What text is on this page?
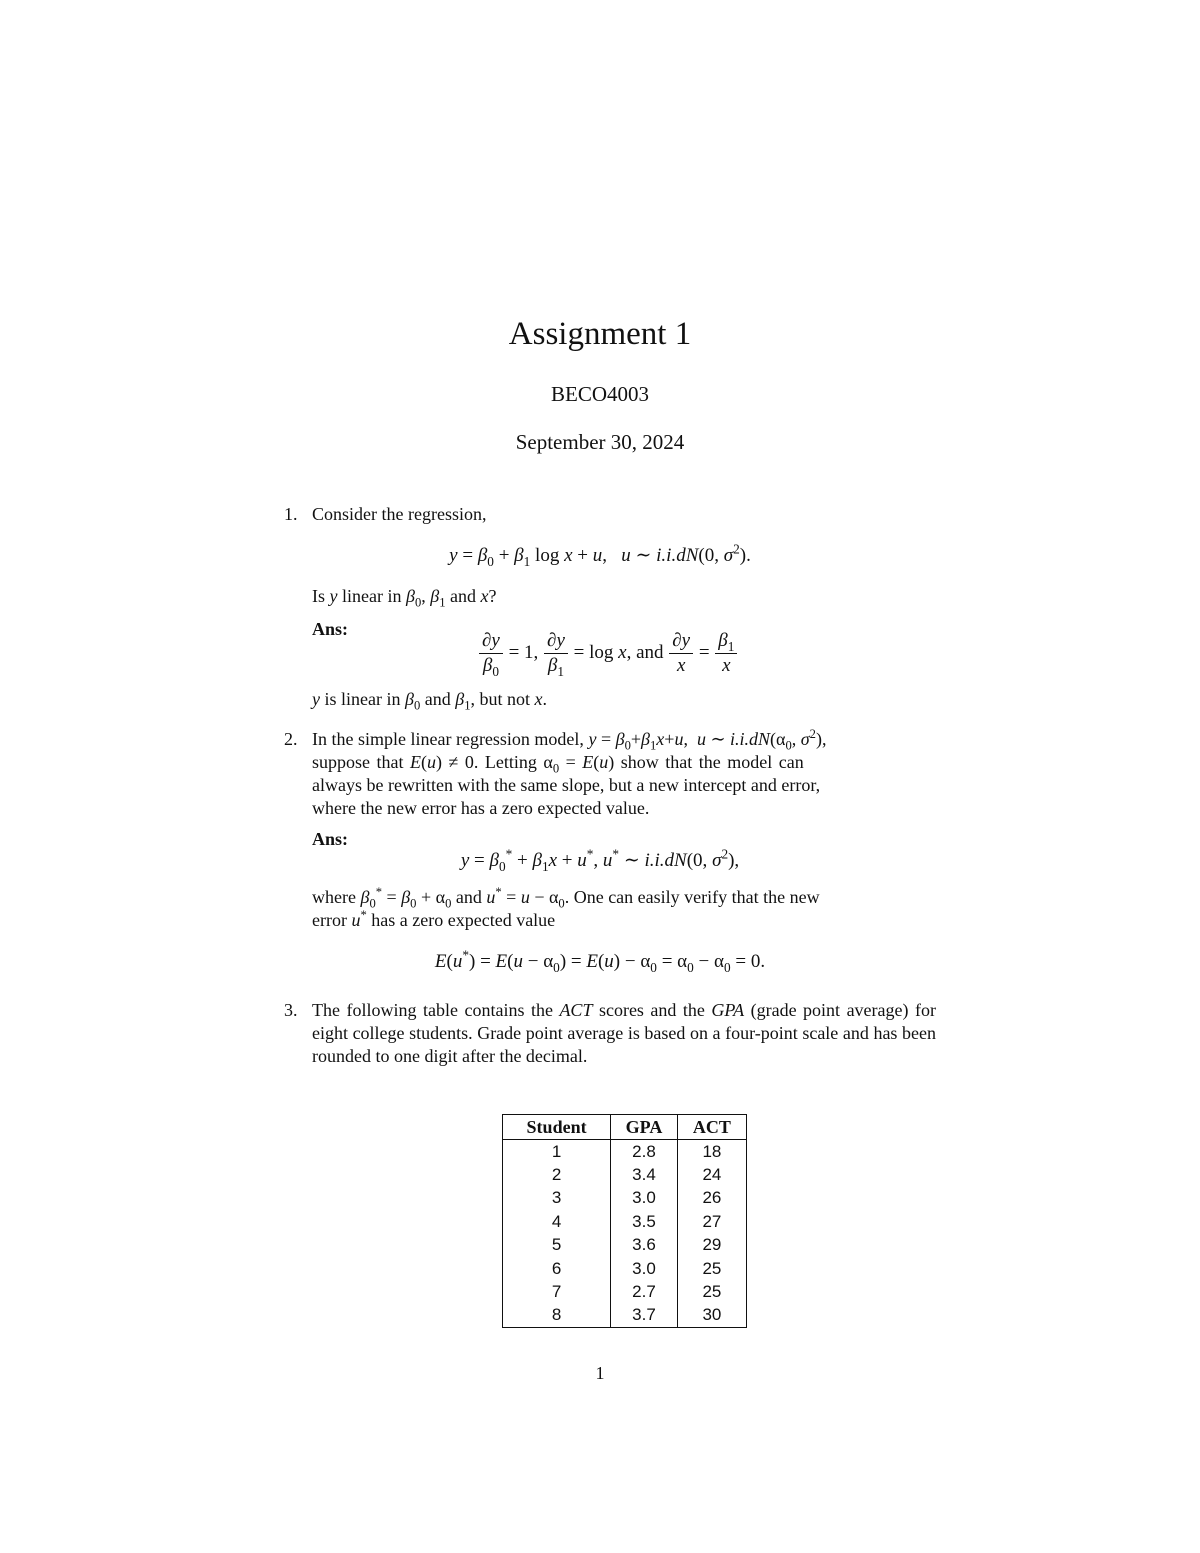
Assignment 1
BECO4003
September 30, 2024
1. Consider the regression,
$y = \beta_0 + \beta_1$ log x + u,   u ∼ i.i.dN(0, $\sigma^2$).
Is y linear in $\beta_0$, $\beta_1$ and x?
Ans:
$\frac{\partial y}{\beta_0} = 1$, $\frac{\partial y}{\beta_1} = \log x$, and $\frac{\partial y}{x} = \frac{\beta_1}{x}$
y is linear in $\beta_0$ and $\beta_1$, but not x.
2. In the simple linear regression model, $y = \beta_0+\beta_1x+u$,  u ∼ $i.i.dN(\alpha_0$, $\sigma^2$),
suppose that E(u) ≠ 0. Letting $\alpha_0 = E(u)$ show that the model can
always be rewritten with the same slope, but a new intercept and error,
where the new error has a zero expected value.
Ans:
$y = \beta_0^* + \beta_1x + u^*$, u* ∼ i.i.dN(0, $\sigma^2$),
where $\beta_0^* = \beta_0 + \alpha_0$ and $u^* = u - \alpha_0$. One can easily verify that the new
error u* has a zero expected value
$E(u^*) = E(u - \alpha_0) = E(u) - \alpha_0 = \alpha_0 - \alpha_0 = 0$.
3. The following table contains the ACT scores and the GPA (grade point average) for eight college students. Grade point average is based on a four-point scale and has been rounded to one digit after the decimal.
Student	GPA	ACT
1	2.8	18
2	3.4	24
3	3.0	26
4	3.5	27
5	3.6	29
6	3.0	25
7	2.7	25
8	3.7	30
1
